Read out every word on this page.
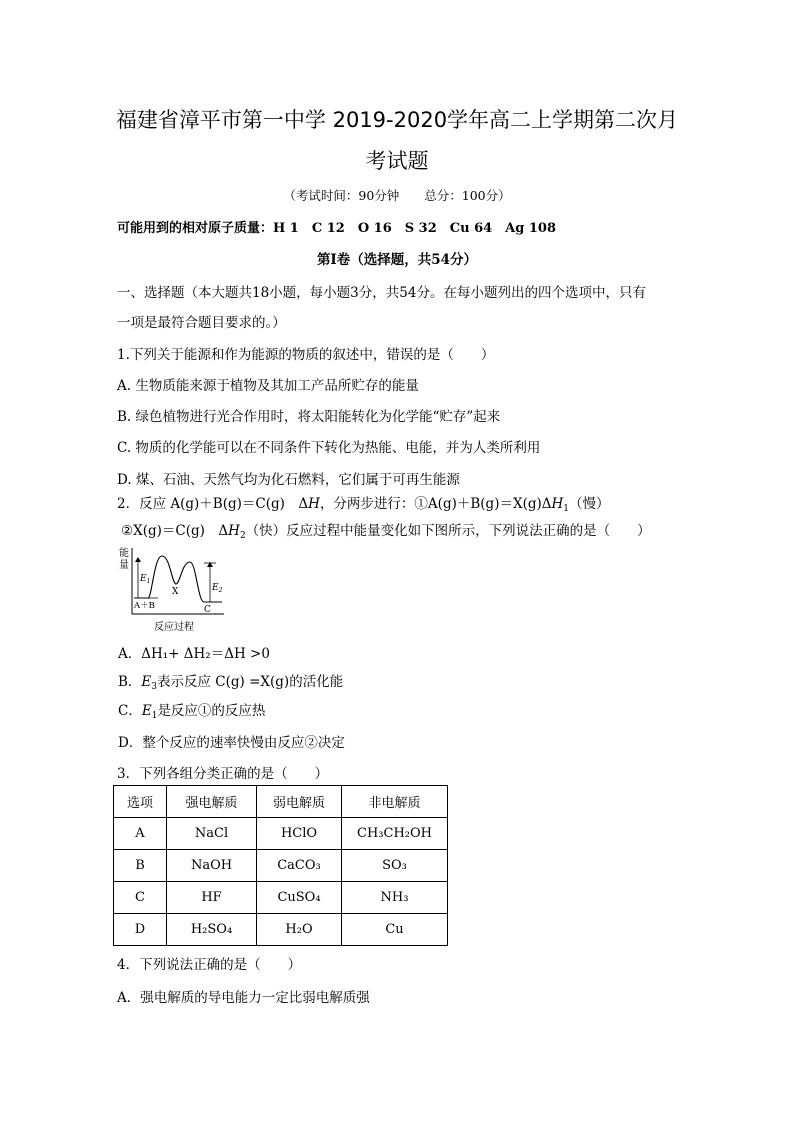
福建省漳平市第一中学 2019-2020学年高二上学期第二次月
考试题
（考试时间：90分钟　　总分：100分）
可能用到的相对原子质量：H 1　C 12　O 16　S 32　Cu 64　Ag 108
第Ⅰ卷（选择题，共54分）
一、选择题（本大题共18小题，每小题3分，共54分。在每小题列出的四个选项中，只有
一项是最符合题目要求的。）
1.下列关于能源和作为能源的物质的叙述中，错误的是（　　）
A. 生物质能来源于植物及其加工产品所贮存的能量
B. 绿色植物进行光合作用时，将太阳能转化为化学能“贮存”起来
C. 物质的化学能可以在不同条件下转化为热能、电能，并为人类所利用
D. 煤、石油、天然气均为化石燃料，它们属于可再生能源
2．反应 A(g)＋B(g)＝C(g)　ΔH，分两步进行：$①A(g)+B(g)=X(g)\Delta H_1$（慢）
②X(g)＝C(g)　$\Delta H_2$（快）反应过程中能量变化如下图所示，下列说法正确的是（　　）
能
量
$E_1$
$E_2$
A＋B
X
C
反应过程
A．ΔH₁+ ΔH₂＝ΔH >0
B．$E_3$表示反应 C(g) =X(g)的活化能
C．$E_1$是反应①的反应热
D．整个反应的速率快慢由反应②决定
3．下列各组分类正确的是（　　）
选项	强电解质	弱电解质	非电解质
A	NaCl	HClO	CH₃CH₂OH
B	NaOH	CaCO₃	SO₃
C	HF	CuSO₄	NH₃
D	H₂SO₄	H₂O	Cu
4．下列说法正确的是（　　）
A．强电解质的导电能力一定比弱电解质强
